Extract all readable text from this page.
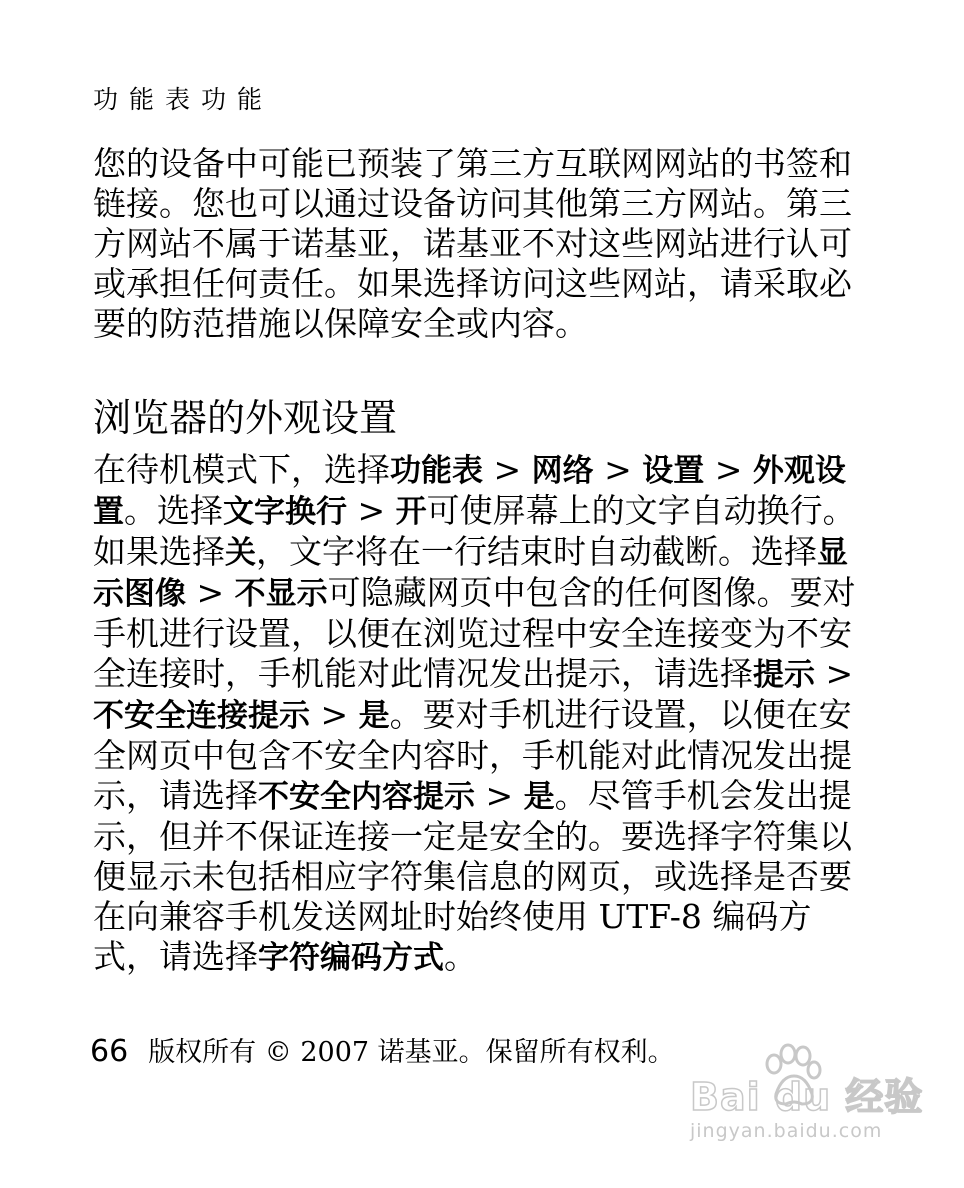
功能表功能
您的设备中可能已预装了第三方互联网网站的书签和
链接。您也可以通过设备访问其他第三方网站。第三
方网站不属于诺基亚，诺基亚不对这些网站进行认可
或承担任何责任。如果选择访问这些网站，请采取必
要的防范措施以保障安全或内容。
浏览器的外观设置
在待机模式下，选择功能表 > 网络 > 设置 > 外观设
置。选择文字换行 > 开可使屏幕上的文字自动换行。
如果选择关，文字将在一行结束时自动截断。选择显
示图像 > 不显示可隐藏网页中包含的任何图像。要对
手机进行设置，以便在浏览过程中安全连接变为不安
全连接时，手机能对此情况发出提示，请选择提示 >
不安全连接提示 > 是。要对手机进行设置，以便在安
全网页中包含不安全内容时，手机能对此情况发出提
示，请选择不安全内容提示 > 是。尽管手机会发出提
示，但并不保证连接一定是安全的。要选择字符集以
便显示未包括相应字符集信息的网页，或选择是否要
在向兼容手机发送网址时始终使用 UTF-8 编码方
式，请选择字符编码方式。
66 版权所有 © 2007 诺基亚。保留所有权利。
Bai du 经验
jingyan.baidu.com
